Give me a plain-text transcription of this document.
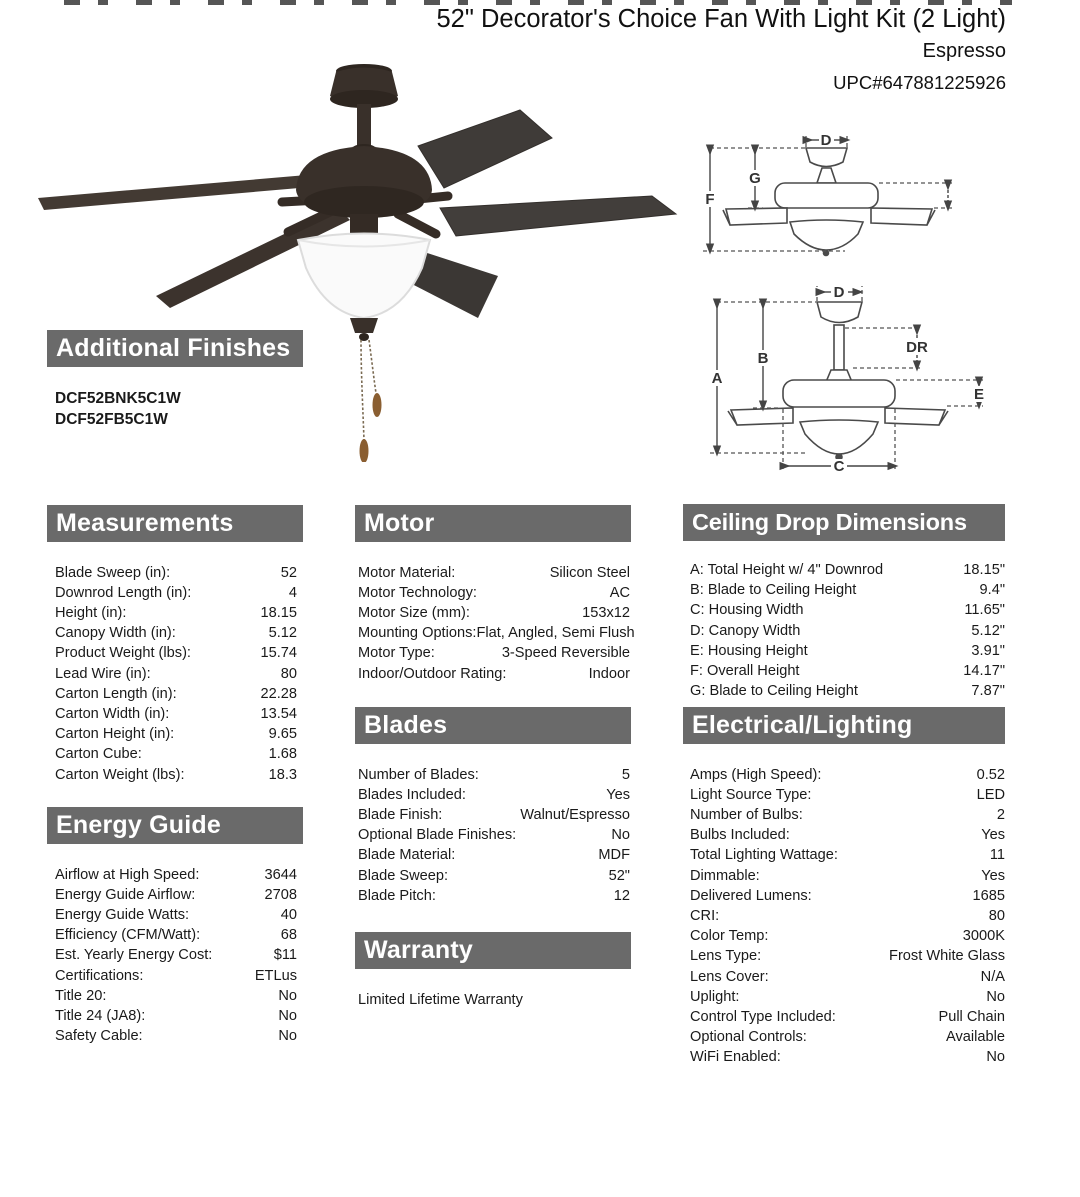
52" Decorator's Choice Fan With Light Kit (2 Light)
Espresso
UPC#647881225926
D
F
G
D
A
B
DR
E
C
Additional Finishes
DCF52BNK5C1W
DCF52FB5C1W
Measurements
Blade Sweep (in):	52
Downrod Length (in):	4
Height (in):	18.15
Canopy Width (in):	5.12
Product Weight (lbs):	15.74
Lead Wire (in):	80
Carton Length (in):	22.28
Carton Width (in):	13.54
Carton Height (in):	9.65
Carton Cube:	1.68
Carton Weight (lbs):	18.3
Energy Guide
Airflow at High Speed:	3644
Energy Guide Airflow:	2708
Energy Guide Watts:	40
Efficiency (CFM/Watt):	68
Est. Yearly Energy Cost:	$11
Certifications:	ETLus
Title 20:	No
Title 24 (JA8):	No
Safety Cable:	No
Motor
Motor Material:	Silicon Steel
Motor Technology:	AC
Motor Size (mm):	153x12
Mounting Options: Flat, Angled, Semi Flush
Motor Type:	3-Speed Reversible
Indoor/Outdoor Rating:	Indoor
Blades
Number of Blades:	5
Blades Included:	Yes
Blade Finish:	Walnut/Espresso
Optional Blade Finishes:	No
Blade Material:	MDF
Blade Sweep:	52"
Blade Pitch:	12
Warranty
Limited Lifetime Warranty
Ceiling Drop Dimensions
A: Total Height w/ 4" Downrod	18.15"
B: Blade to Ceiling Height	9.4"
C: Housing Width	11.65"
D: Canopy Width	5.12"
E: Housing Height	3.91"
F: Overall Height	14.17"
G: Blade to Ceiling Height	7.87"
Electrical/Lighting
Amps (High Speed):	0.52
Light Source Type:	LED
Number of Bulbs:	2
Bulbs Included:	Yes
Total Lighting Wattage:	11
Dimmable:	Yes
Delivered Lumens:	1685
CRI:	80
Color Temp:	3000K
Lens Type:	Frost White Glass
Lens Cover:	N/A
Uplight:	No
Control Type Included:	Pull Chain
Optional Controls:	Available
WiFi Enabled:	No
